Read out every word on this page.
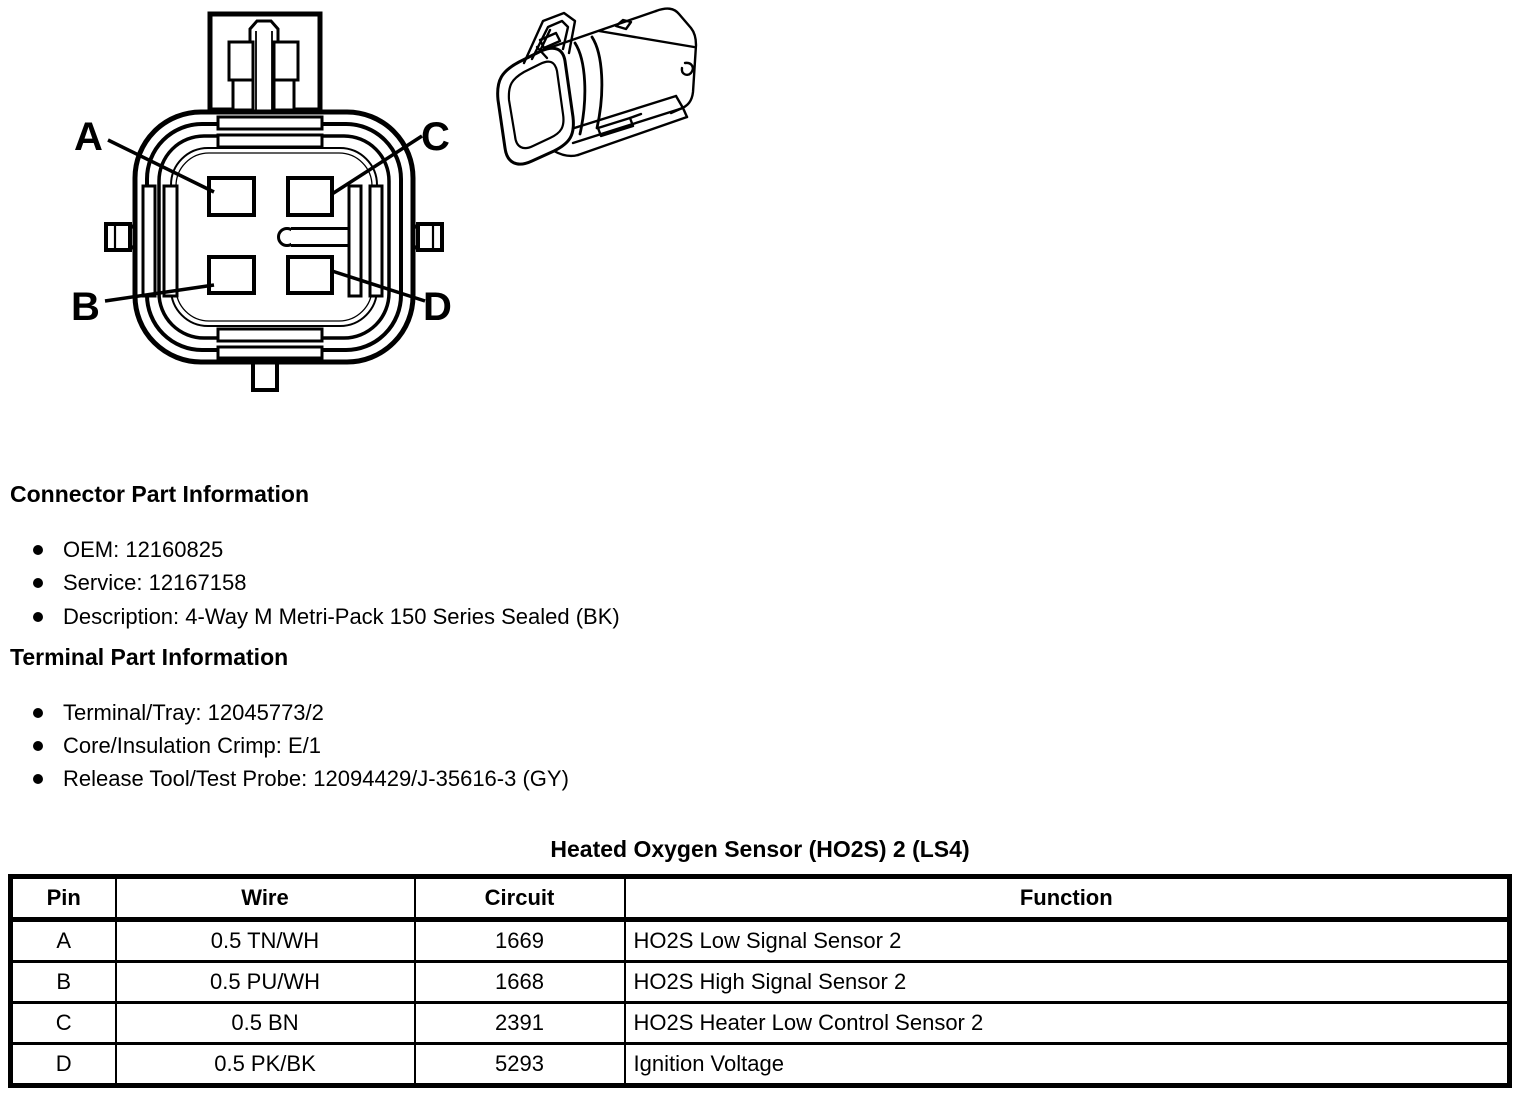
A	C
B	D
Connector Part Information
OEM: 12160825
Service: 12167158
Description: 4-Way M Metri-Pack 150 Series Sealed (BK)
Terminal Part Information
Terminal/Tray: 12045773/2
Core/Insulation Crimp: E/1
Release Tool/Test Probe: 12094429/J-35616-3 (GY)
Heated Oxygen Sensor (HO2S) 2 (LS4)
Pin	Wire	Circuit	Function
A	0.5 TN/WH	1669	HO2S Low Signal Sensor 2
B	0.5 PU/WH	1668	HO2S High Signal Sensor 2
C	0.5 BN	2391	HO2S Heater Low Control Sensor 2
D	0.5 PK/BK	5293	Ignition Voltage
